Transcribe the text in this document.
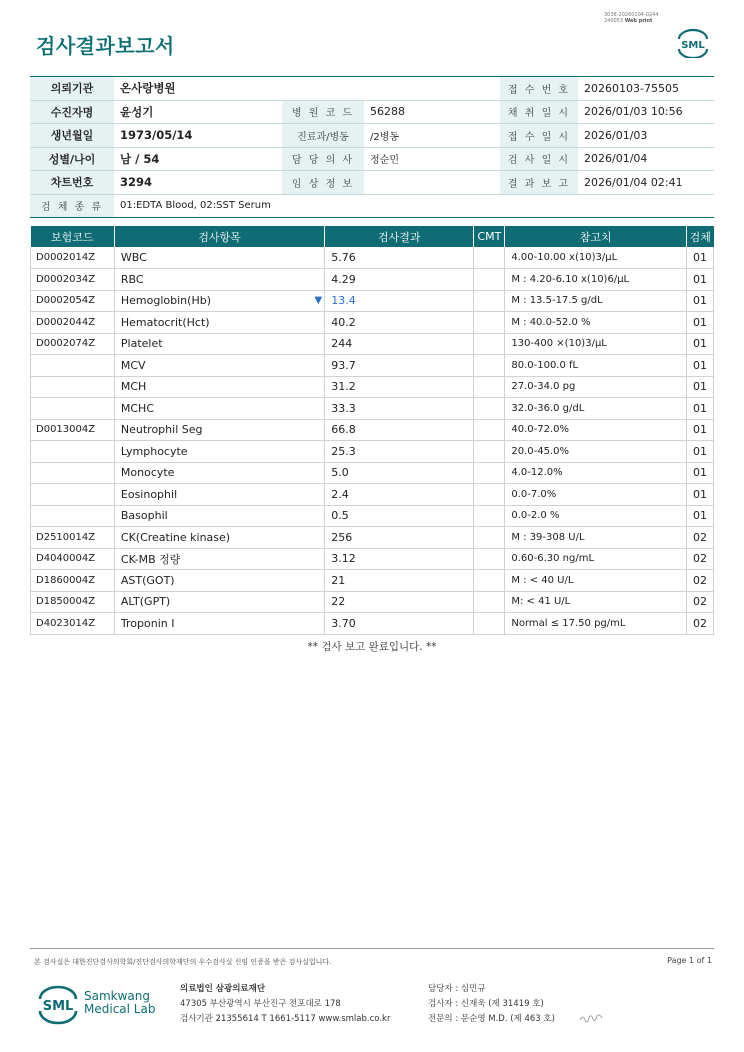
3038-20260104-0244
240053 Web print
검사결과보고서	SML
의뢰기관	온사랑병원			접 수 번 호	20260103-75505
수진자명	윤성기	병 원 코 드	56288	채 취 일 시	2026/01/03 10:56
생년월일	1973/05/14	진료과/병동	/2병동	접 수 일 시	2026/01/03
성별/나이	남 / 54	담 당 의 사	정순민	검 사 일 시	2026/01/04
차트번호	3294	임 상 정 보		결 과 보 고	2026/01/04 02:41
검 체 종 류	01:EDTA Blood, 02:SST Serum				
보험코드	검사항목	검사결과	CMT	참고치	검체
D0002014Z	WBC	5.76		4.00-10.00 x(10)3/μL	01
D0002034Z	RBC	4.29		M : 4.20-6.10 x(10)6/μL	01
D0002054Z	Hemoglobin(Hb) ▼	13.4		M : 13.5-17.5 g/dL	01
D0002044Z	Hematocrit(Hct)	40.2		M : 40.0-52.0 %	01
D0002074Z	Platelet	244		130-400 ×(10)3/μL	01
	MCV	93.7		80.0-100.0 fL	01
	MCH	31.2		27.0-34.0 pg	01
	MCHC	33.3		32.0-36.0 g/dL	01
D0013004Z	Neutrophil Seg	66.8		40.0-72.0%	01
	Lymphocyte	25.3		20.0-45.0%	01
	Monocyte	5.0		4.0-12.0%	01
	Eosinophil	2.4		0.0-7.0%	01
	Basophil	0.5		0.0-2.0 %	01
D2510014Z	CK(Creatine kinase)	256		M : 39-308 U/L	02
D4040004Z	CK-MB 정량	3.12		0.60-6.30 ng/mL	02
D1860004Z	AST(GOT)	21		M : < 40 U/L	02
D1850004Z	ALT(GPT)	22		M: < 41 U/L	02
D4023014Z	Troponin I	3.70		Normal ≤ 17.50 pg/mL	02
** 검사 보고 완료입니다. **
본 검사실은 대한진단검사의학회/진단검사의학재단의 우수검사실 신임 인증을 받은 검사실입니다.	Page 1 of 1
SML
Samkwang
Medical Lab
의료법인 삼광의료재단
47305 부산광역시 부산진구 전포대로 178
검사기관 21355614 T 1661-5117 www.smlab.co.kr
담당자 : 심민규
검사자 : 신재욱 (제 31419 호)
전문의 : 문순영 M.D. (제 463 호)
